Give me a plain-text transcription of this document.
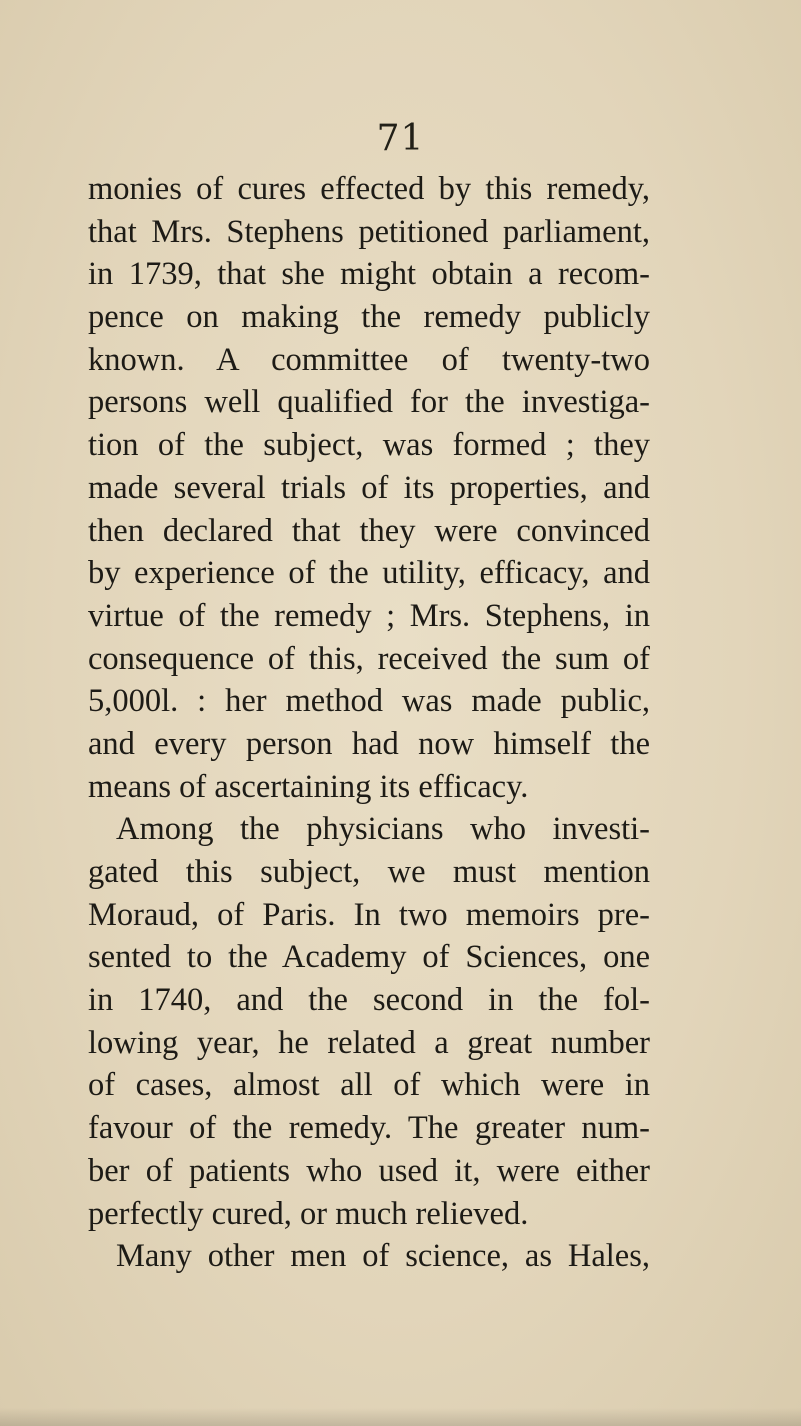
71
monies of cures effected by this remedy,
that Mrs. Stephens petitioned parliament,
in 1739, that she might obtain a recom-
pence on making the remedy publicly
known. A committee of twenty-two
persons well qualified for the investiga-
tion of the subject, was formed ; they
made several trials of its properties, and
then declared that they were convinced
by experience of the utility, efficacy, and
virtue of the remedy ; Mrs. Stephens, in
consequence of this, received the sum of
5,000l. : her method was made public,
and every person had now himself the
means of ascertaining its efficacy.
Among the physicians who investi-
gated this subject, we must mention
Moraud, of Paris. In two memoirs pre-
sented to the Academy of Sciences, one
in 1740, and the second in the fol-
lowing year, he related a great number
of cases, almost all of which were in
favour of the remedy. The greater num-
ber of patients who used it, were either
perfectly cured, or much relieved.
Many other men of science, as Hales,
